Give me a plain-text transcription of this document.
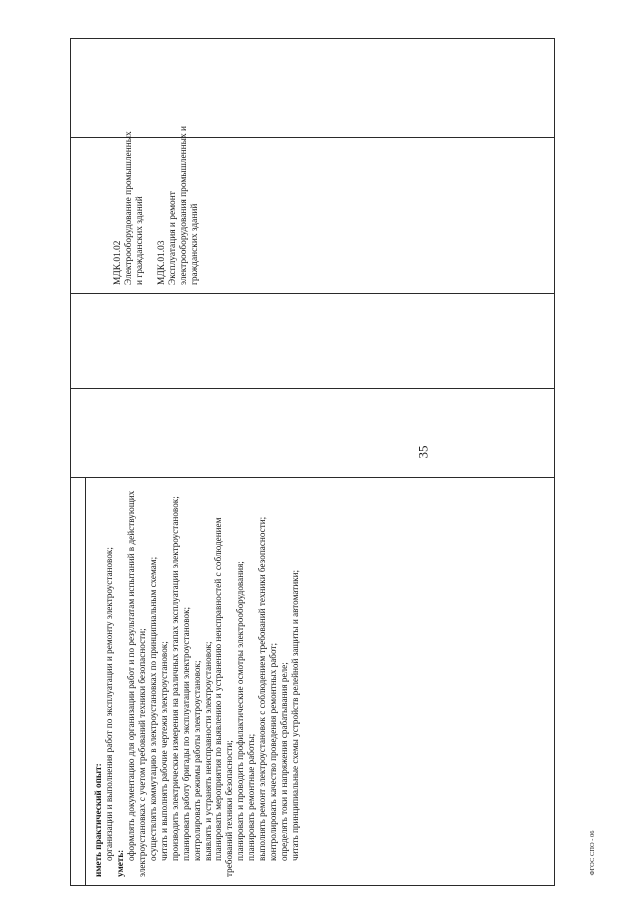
35
ФГОС СПО - 06

иметь практический опыт: организации и выполнения работ по эксплуатации и ремонту электроустановок;

уметь:

оформлять документацию для организации работ и по результатам испытаний в действующих электроустановках с учетом требований техники безопасности; осуществлять коммутацию в электроустановках по принципиальным схемам; читать и выполнять рабочие чертежи электроустановок; производить электрические измерения на различных этапах эксплуатации электроустановок; планировать работу бригады по эксплуатации электроустановок; контролировать режимы работы электроустановок; выявлять и устранять неисправности электроустановок; планировать мероприятия по выявлению и устранению неисправностей с соблюдением требований техники безопасности; планировать и проводить профилактические осмотры электрооборудования; планировать ремонтные работы; выполнять ремонт электроустановок с соблюдением требований техники безопасности; контролировать качество проведения ремонтных работ; определять токи и напряжения срабатывания реле; читать принципиальные схемы устройств релейной защиты и автоматики;

МДК.01.02 Электрооборудование промышленных и гражданских зданий МДК.01.03 Эксплуатация и ремонт электрооборудования промышленных и гражданских зданий
